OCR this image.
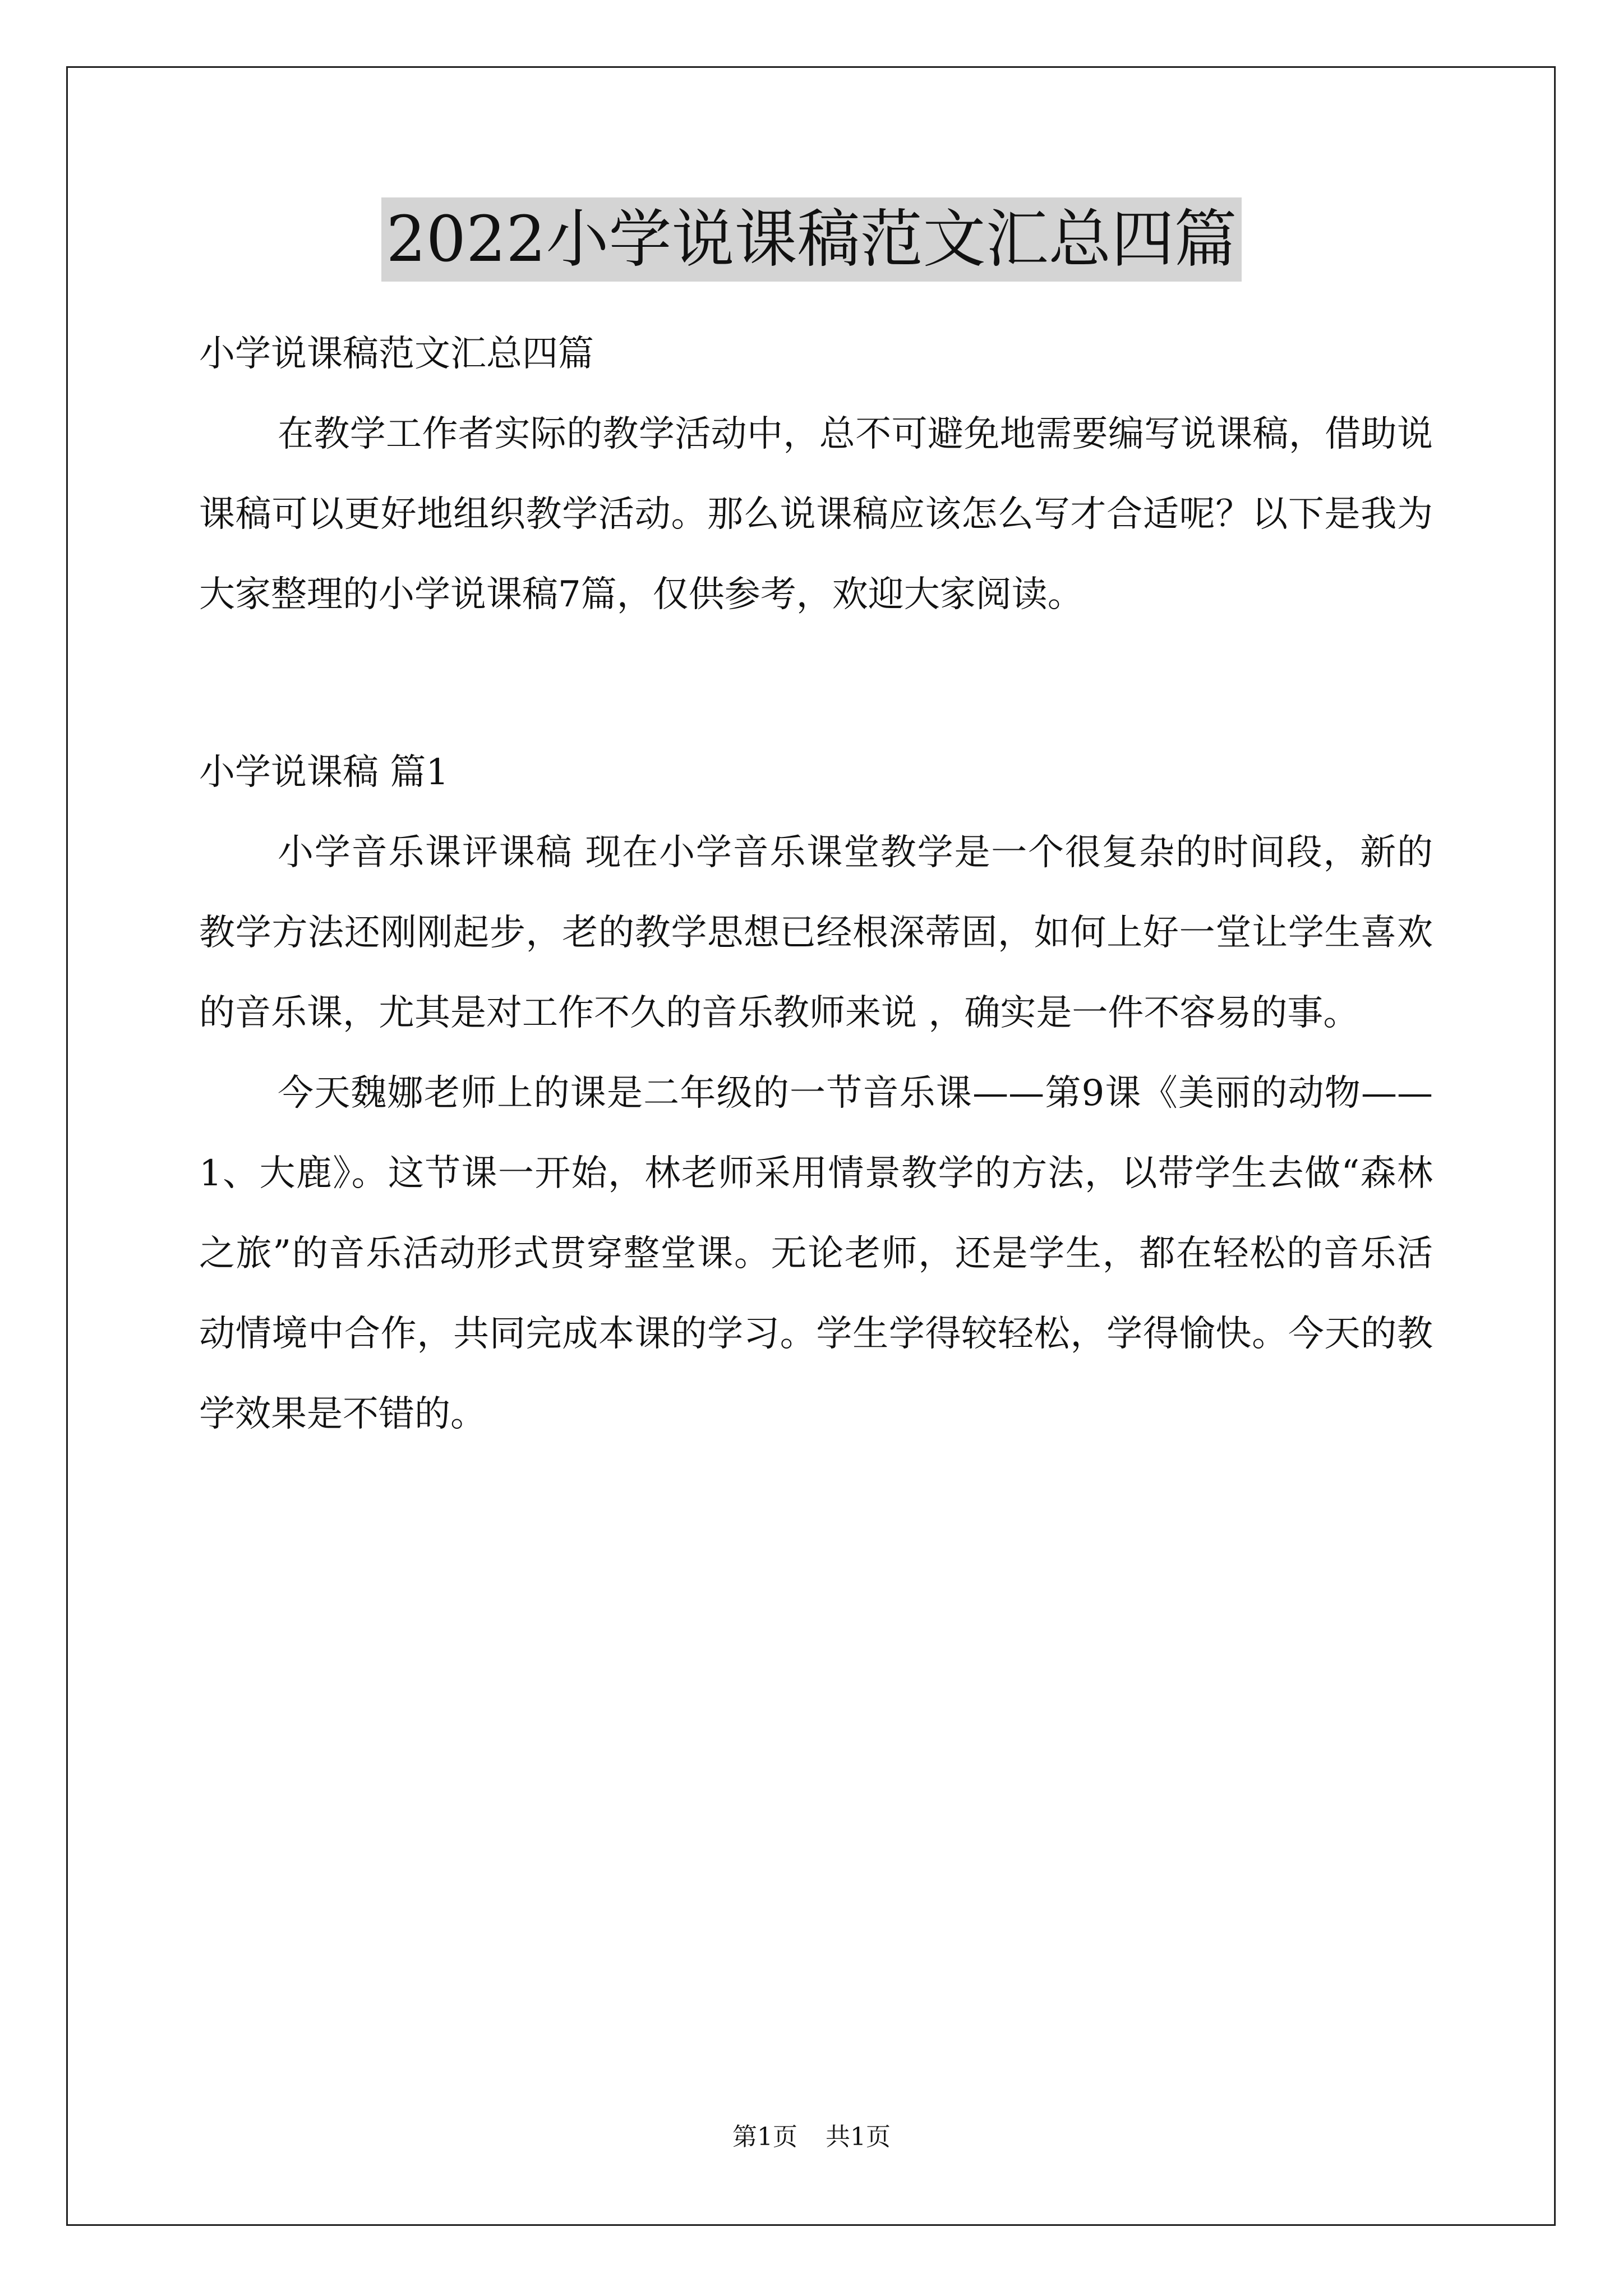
2022小学说课稿范文汇总四篇

小学说课稿范文汇总四篇

在教学工作者实际的教学活动中，总不可避免地需要编写说课稿，借助说课稿可以更好地组织教学活动。那么说课稿应该怎么写才合适呢？以下是我为大家整理的小学说课稿7篇，仅供参考，欢迎大家阅读。

小学说课稿 篇1

小学音乐课评课稿 现在小学音乐课堂教学是一个很复杂的时间段，新的教学方法还刚刚起步，老的教学思想已经根深蒂固，如何上好一堂让学生喜欢的音乐课，尤其是对工作不久的音乐教师来说 ，确实是一件不容易的事。

今天魏娜老师上的课是二年级的一节音乐课——第9课《美丽的动物——1、大鹿》。这节课一开始，林老师采用情景教学的方法，以带学生去做“森林之旅”的音乐活动形式贯穿整堂课。无论老师，还是学生，都在轻松的音乐活动情境中合作，共同完成本课的学习。学生学得较轻松，学得愉快。今天的教学效果是不错的。

第1页 共1页
